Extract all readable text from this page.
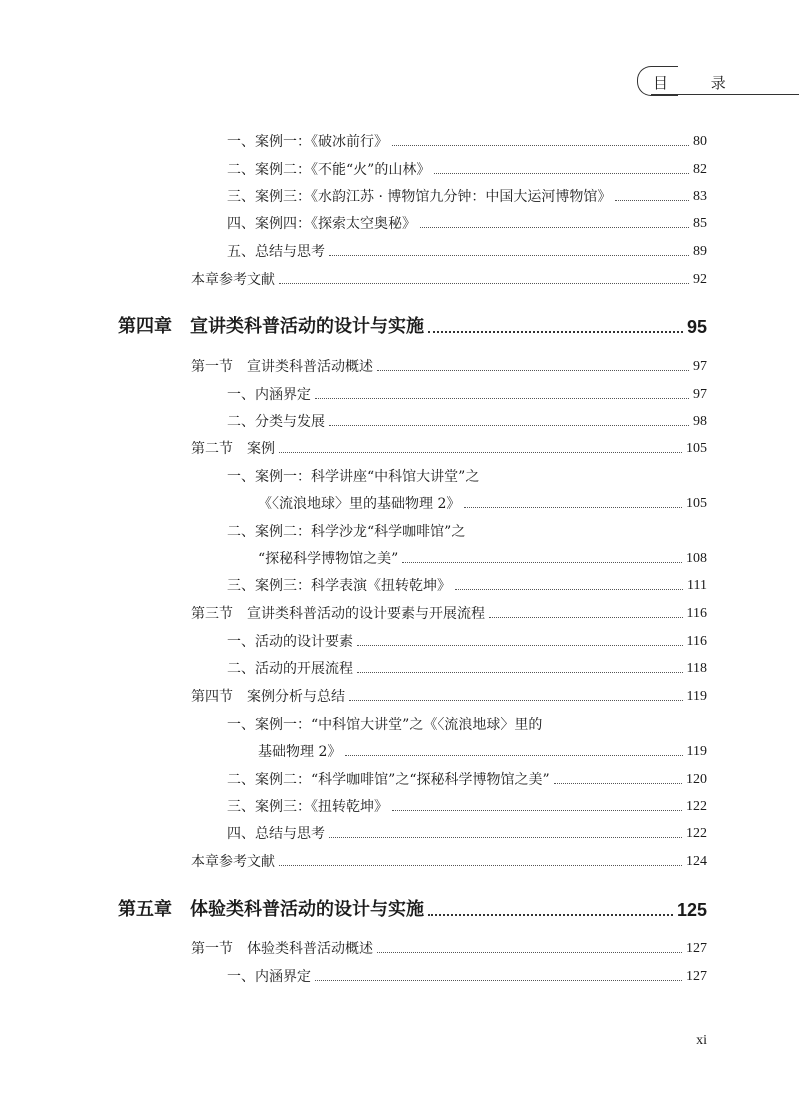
目 录
一、案例一：《破冰前行》	80
二、案例二：《不能“火”的山林》	82
三、案例三：《水韵江苏 · 博物馆九分钟：中国大运河博物馆》	83
四、案例四：《探索太空奥秘》	85
五、总结与思考	89
本章参考文献	92
第四章　宣讲类科普活动的设计与实施	95
第一节　宣讲类科普活动概述	97
一、内涵界定	97
二、分类与发展	98
第二节　案例	105
一、案例一：科学讲座“中科馆大讲堂”之
《〈流浪地球〉里的基础物理 2》	105
二、案例二：科学沙龙“科学咖啡馆”之
“探秘科学博物馆之美”	108
三、案例三：科学表演《扭转乾坤》	111
第三节　宣讲类科普活动的设计要素与开展流程	116
一、活动的设计要素	116
二、活动的开展流程	118
第四节　案例分析与总结	119
一、案例一：“中科馆大讲堂”之《〈流浪地球〉里的
基础物理 2》	119
二、案例二：“科学咖啡馆”之“探秘科学博物馆之美”	120
三、案例三：《扭转乾坤》	122
四、总结与思考	122
本章参考文献	124
第五章　体验类科普活动的设计与实施	125
第一节　体验类科普活动概述	127
一、内涵界定	127
xi
